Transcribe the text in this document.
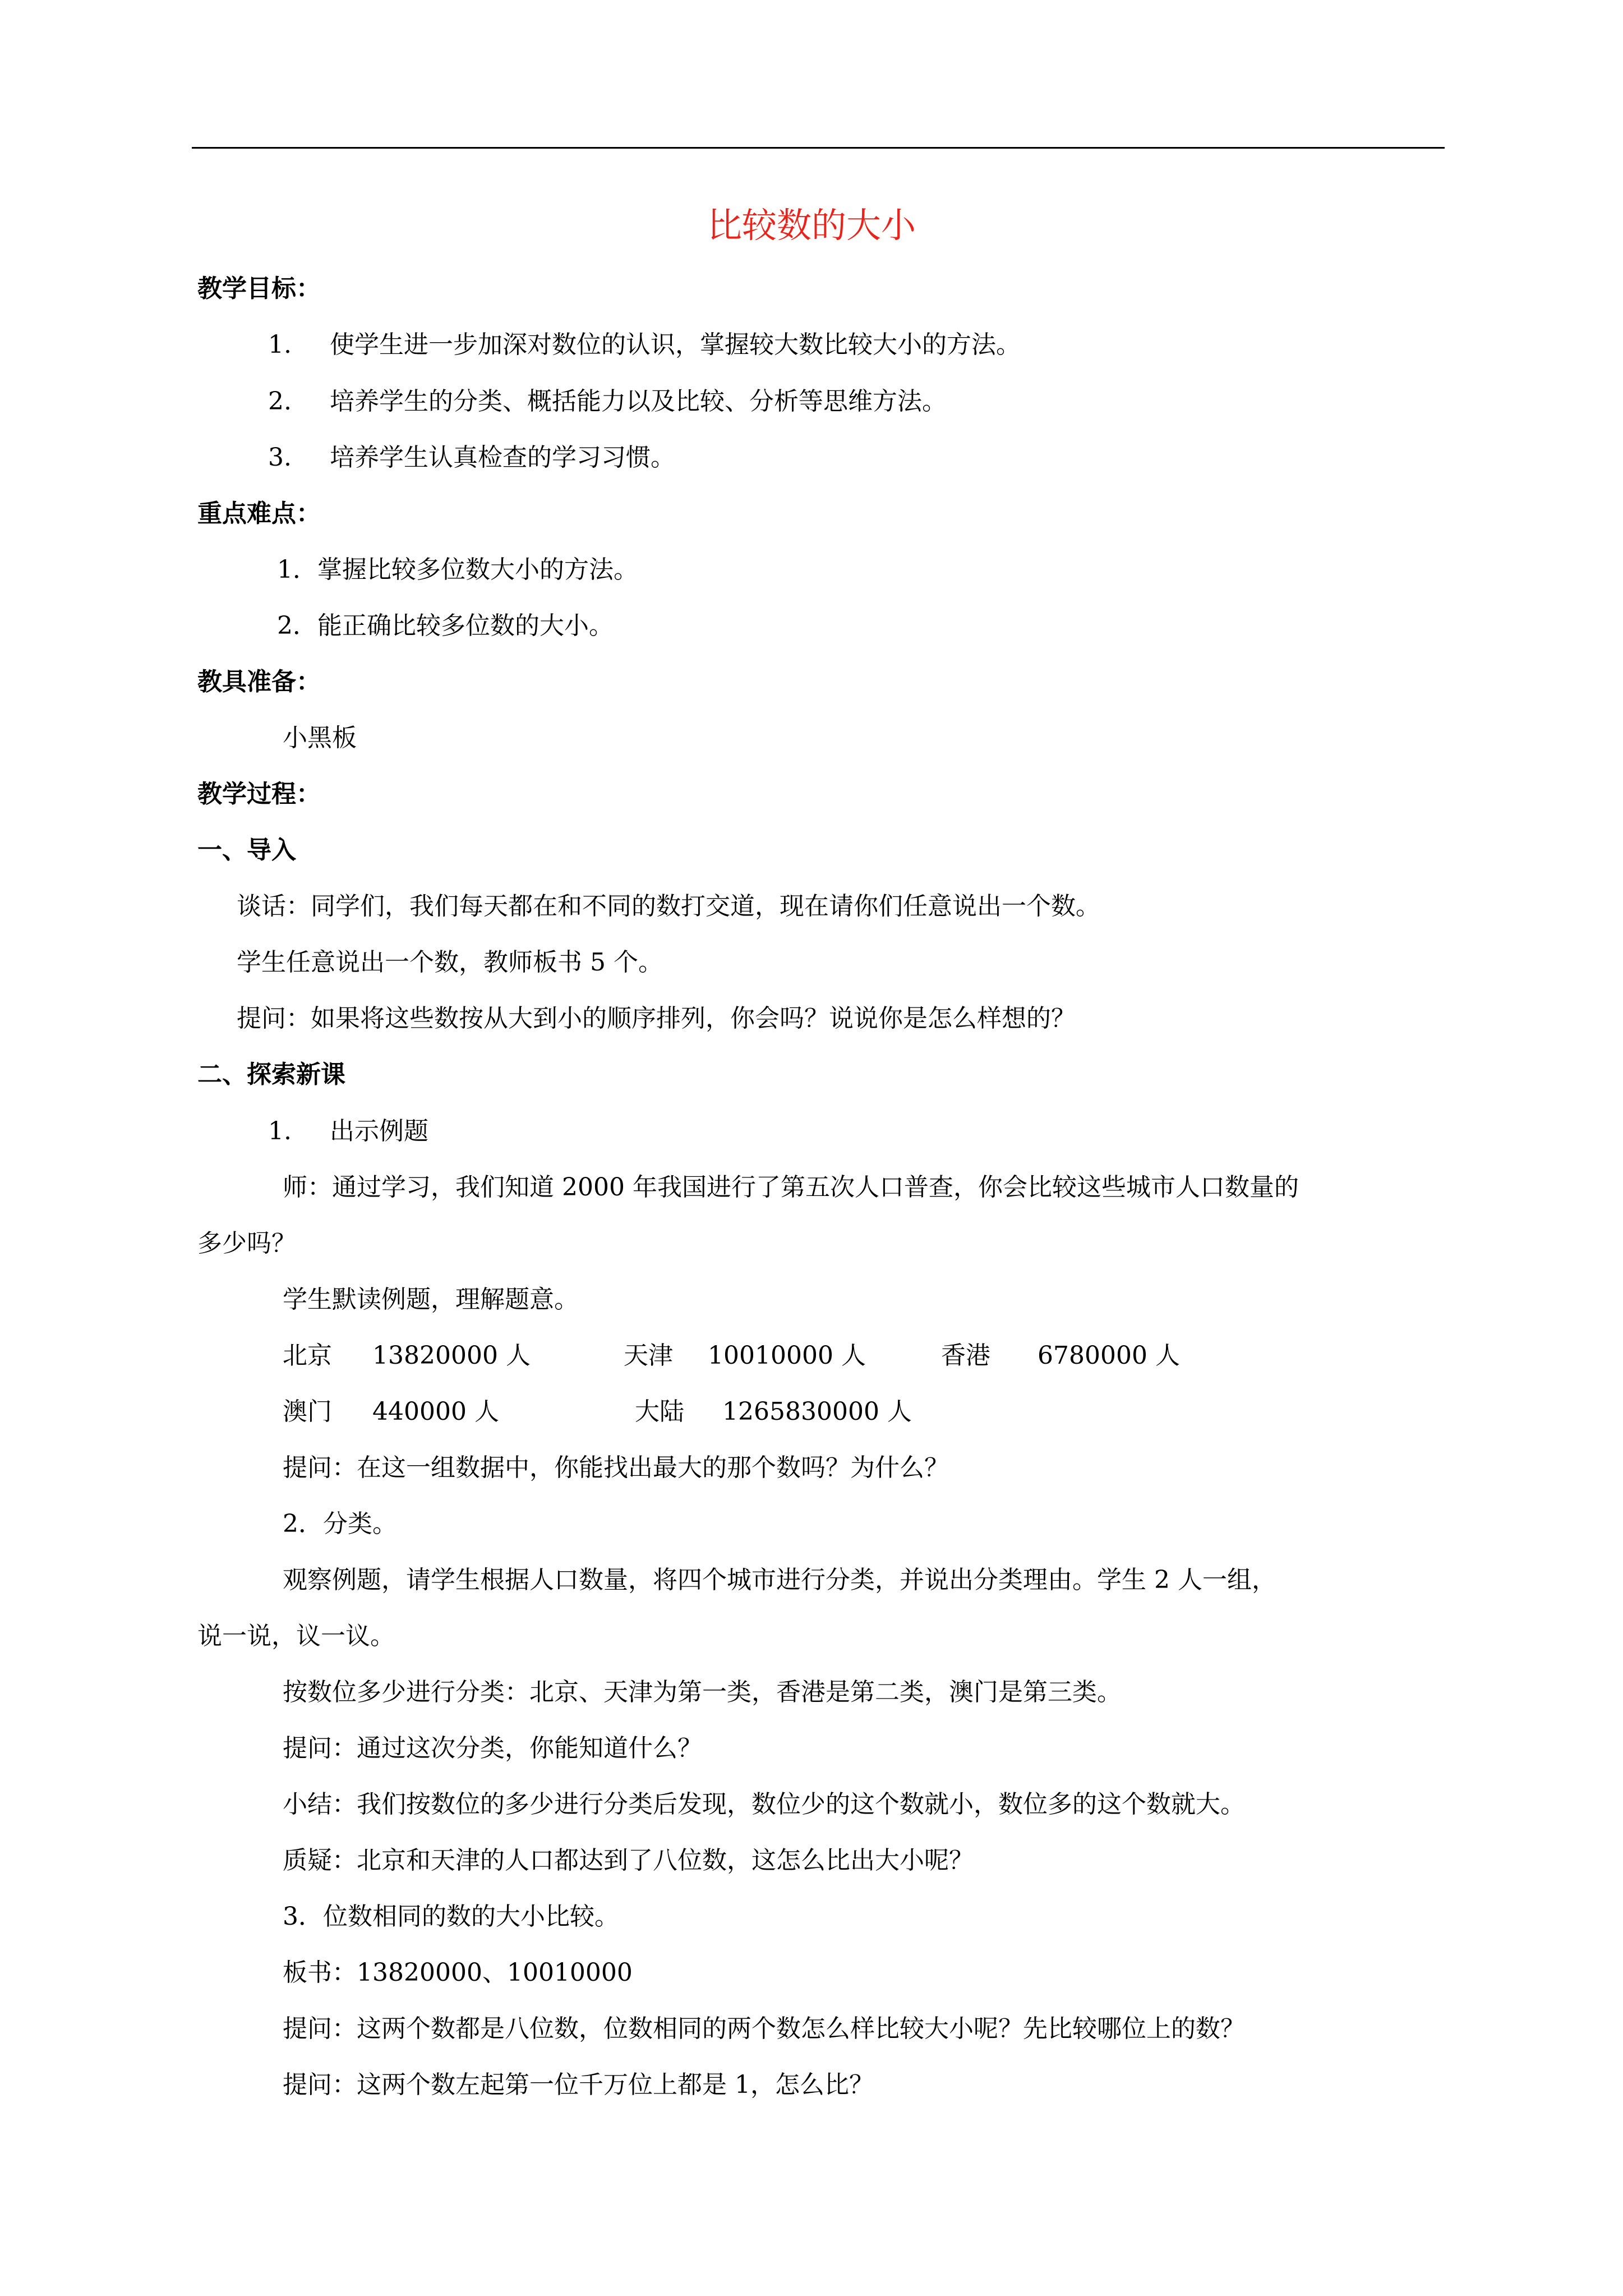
比较数的大小
教学目标：
1. 使学生进一步加深对数位的认识，掌握较大数比较大小的方法。
2. 培养学生的分类、概括能力以及比较、分析等思维方法。
3. 培养学生认真检查的学习习惯。
重点难点：
1．掌握比较多位数大小的方法。
2．能正确比较多位数的大小。
教具准备：
小黑板
教学过程：
一、导入
谈话：同学们，我们每天都在和不同的数打交道，现在请你们任意说出一个数。
学生任意说出一个数，教师板书 5 个。
提问：如果将这些数按从大到小的顺序排列，你会吗？说说你是怎么样想的？
二、探索新课
1. 出示例题
师：通过学习，我们知道 2000 年我国进行了第五次人口普查，你会比较这些城市人口数量的
多少吗？
学生默读例题，理解题意。
北京 13820000 人	天津 10010000 人	香港 6780000 人
澳门 440000 人	大陆 1265830000 人
提问：在这一组数据中，你能找出最大的那个数吗？为什么？
2．分类。
观察例题，请学生根据人口数量，将四个城市进行分类，并说出分类理由。学生 2 人一组，
说一说，议一议。
按数位多少进行分类：北京、天津为第一类，香港是第二类，澳门是第三类。
提问：通过这次分类，你能知道什么？
小结：我们按数位的多少进行分类后发现，数位少的这个数就小，数位多的这个数就大。
质疑：北京和天津的人口都达到了八位数，这怎么比出大小呢？
3．位数相同的数的大小比较。
板书：13820000、10010000
提问：这两个数都是八位数，位数相同的两个数怎么样比较大小呢？先比较哪位上的数？
提问：这两个数左起第一位千万位上都是 1，怎么比？
